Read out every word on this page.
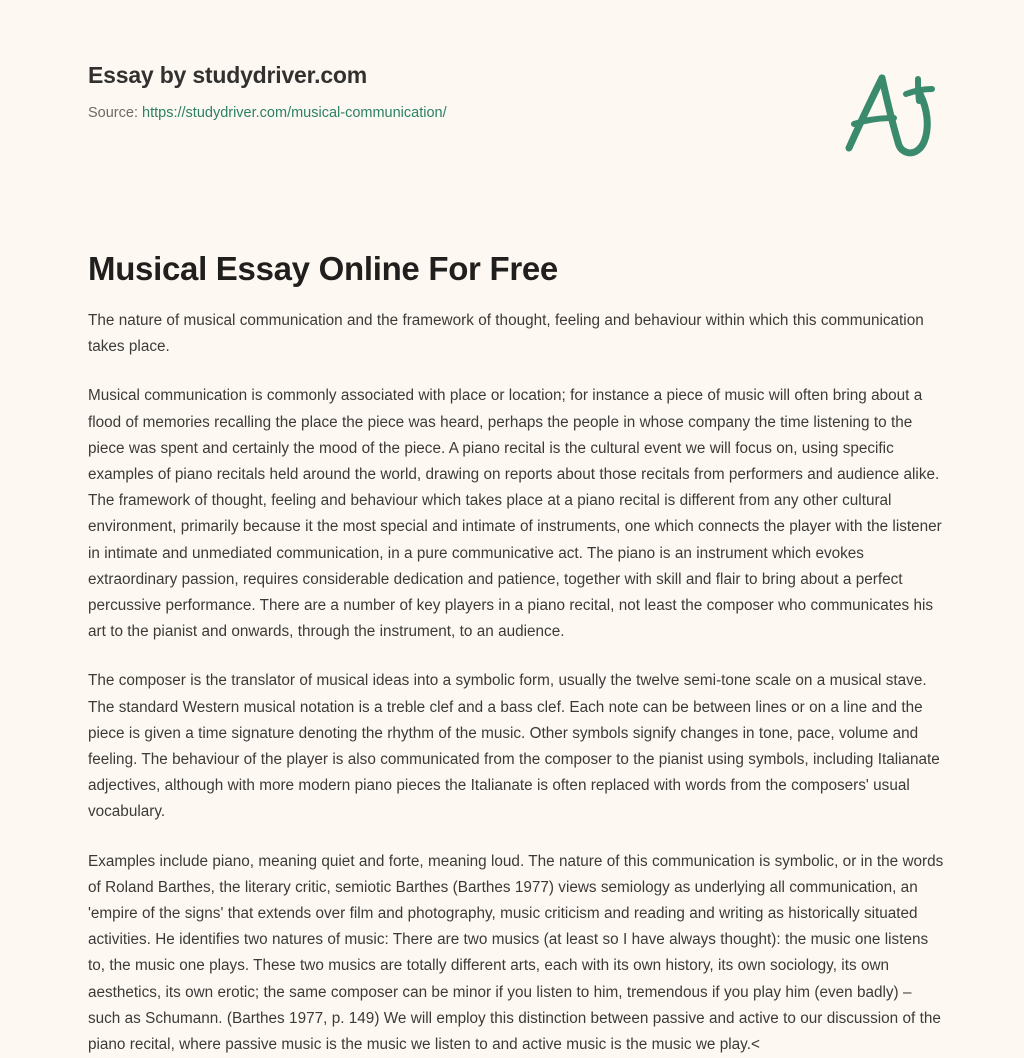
Essay by studydriver.com
Source: https://studydriver.com/musical-communication/
Musical Essay Online For Free

The nature of musical communication and the framework of thought, feeling and behaviour within which this communication takes place.

Musical communication is commonly associated with place or location; for instance a piece of music will often bring about a flood of memories recalling the place the piece was heard, perhaps the people in whose company the time listening to the piece was spent and certainly the mood of the piece. A piano recital is the cultural event we will focus on, using specific examples of piano recitals held around the world, drawing on reports about those recitals from performers and audience alike. The framework of thought, feeling and behaviour which takes place at a piano recital is different from any other cultural environment, primarily because it the most special and intimate of instruments, one which connects the player with the listener in intimate and unmediated communication, in a pure communicative act. The piano is an instrument which evokes extraordinary passion, requires considerable dedication and patience, together with skill and flair to bring about a perfect percussive performance. There are a number of key players in a piano recital, not least the composer who communicates his art to the pianist and onwards, through the instrument, to an audience.

The composer is the translator of musical ideas into a symbolic form, usually the twelve semi-tone scale on a musical stave. The standard Western musical notation is a treble clef and a bass clef. Each note can be between lines or on a line and the piece is given a time signature denoting the rhythm of the music. Other symbols signify changes in tone, pace, volume and feeling. The behaviour of the player is also communicated from the composer to the pianist using symbols, including Italianate adjectives, although with more modern piano pieces the Italianate is often replaced with words from the composers' usual vocabulary.

Examples include piano, meaning quiet and forte, meaning loud. The nature of this communication is symbolic, or in the words of Roland Barthes, the literary critic, semiotic Barthes (Barthes 1977) views semiology as underlying all communication, an 'empire of the signs' that extends over film and photography, music criticism and reading and writing as historically situated activities. He identifies two natures of music: There are two musics (at least so I have always thought): the music one listens to, the music one plays. These two musics are totally different arts, each with its own history, its own sociology, its own aesthetics, its own erotic; the same composer can be minor if you listen to him, tremendous if you play him (even badly) – such as Schumann. (Barthes 1977, p. 149) We will employ this distinction between passive and active to our discussion of the piano recital, where passive music is the music we listen to and active music is the music we play.<
